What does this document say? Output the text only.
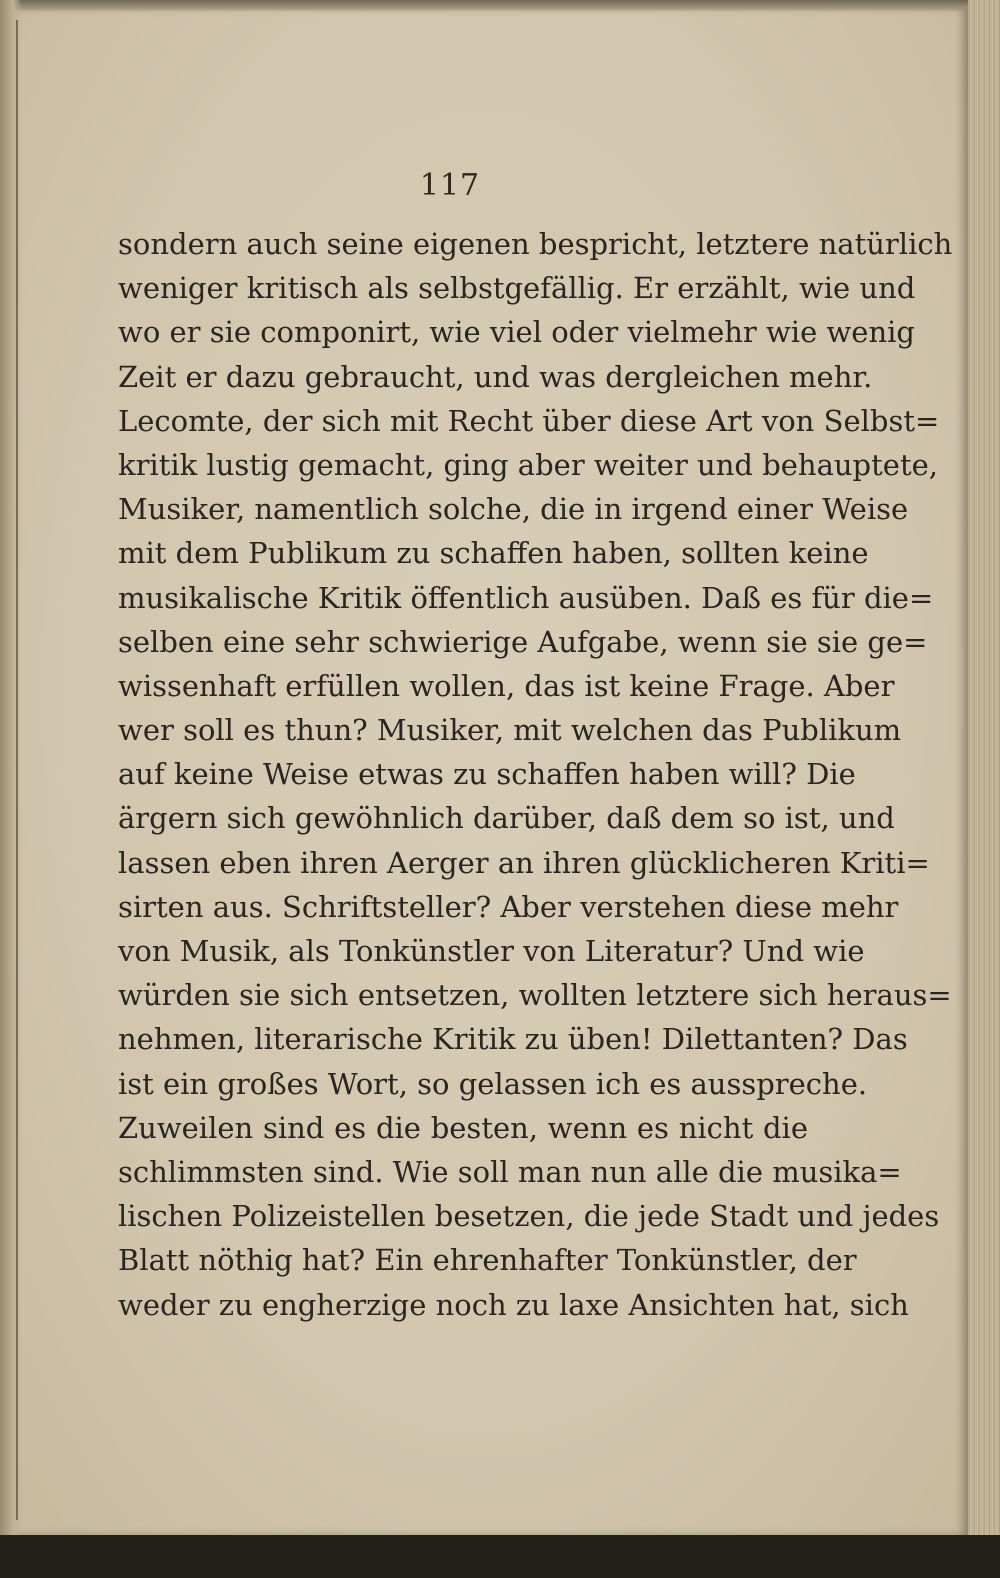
117
sondern auch seine eigenen bespricht, letztere natürlich
weniger kritisch als selbstgefällig. Er erzählt, wie und
wo er sie componirt, wie viel oder vielmehr wie wenig
Zeit er dazu gebraucht, und was dergleichen mehr.
Lecomte, der sich mit Recht über diese Art von Selbst=
kritik lustig gemacht, ging aber weiter und behauptete,
Musiker, namentlich solche, die in irgend einer Weise
mit dem Publikum zu schaffen haben, sollten keine
musikalische Kritik öffentlich ausüben. Daß es für die=
selben eine sehr schwierige Aufgabe, wenn sie sie ge=
wissenhaft erfüllen wollen, das ist keine Frage. Aber
wer soll es thun? Musiker, mit welchen das Publikum
auf keine Weise etwas zu schaffen haben will? Die
ärgern sich gewöhnlich darüber, daß dem so ist, und
lassen eben ihren Aerger an ihren glücklicheren Kriti=
sirten aus. Schriftsteller? Aber verstehen diese mehr
von Musik, als Tonkünstler von Literatur? Und wie
würden sie sich entsetzen, wollten letztere sich heraus=
nehmen, literarische Kritik zu üben! Dilettanten? Das
ist ein großes Wort, so gelassen ich es ausspreche.
Zuweilen sind es die besten, wenn es nicht die
schlimmsten sind. Wie soll man nun alle die musika=
lischen Polizeistellen besetzen, die jede Stadt und jedes
Blatt nöthig hat? Ein ehrenhafter Tonkünstler, der
weder zu engherzige noch zu laxe Ansichten hat, sich
